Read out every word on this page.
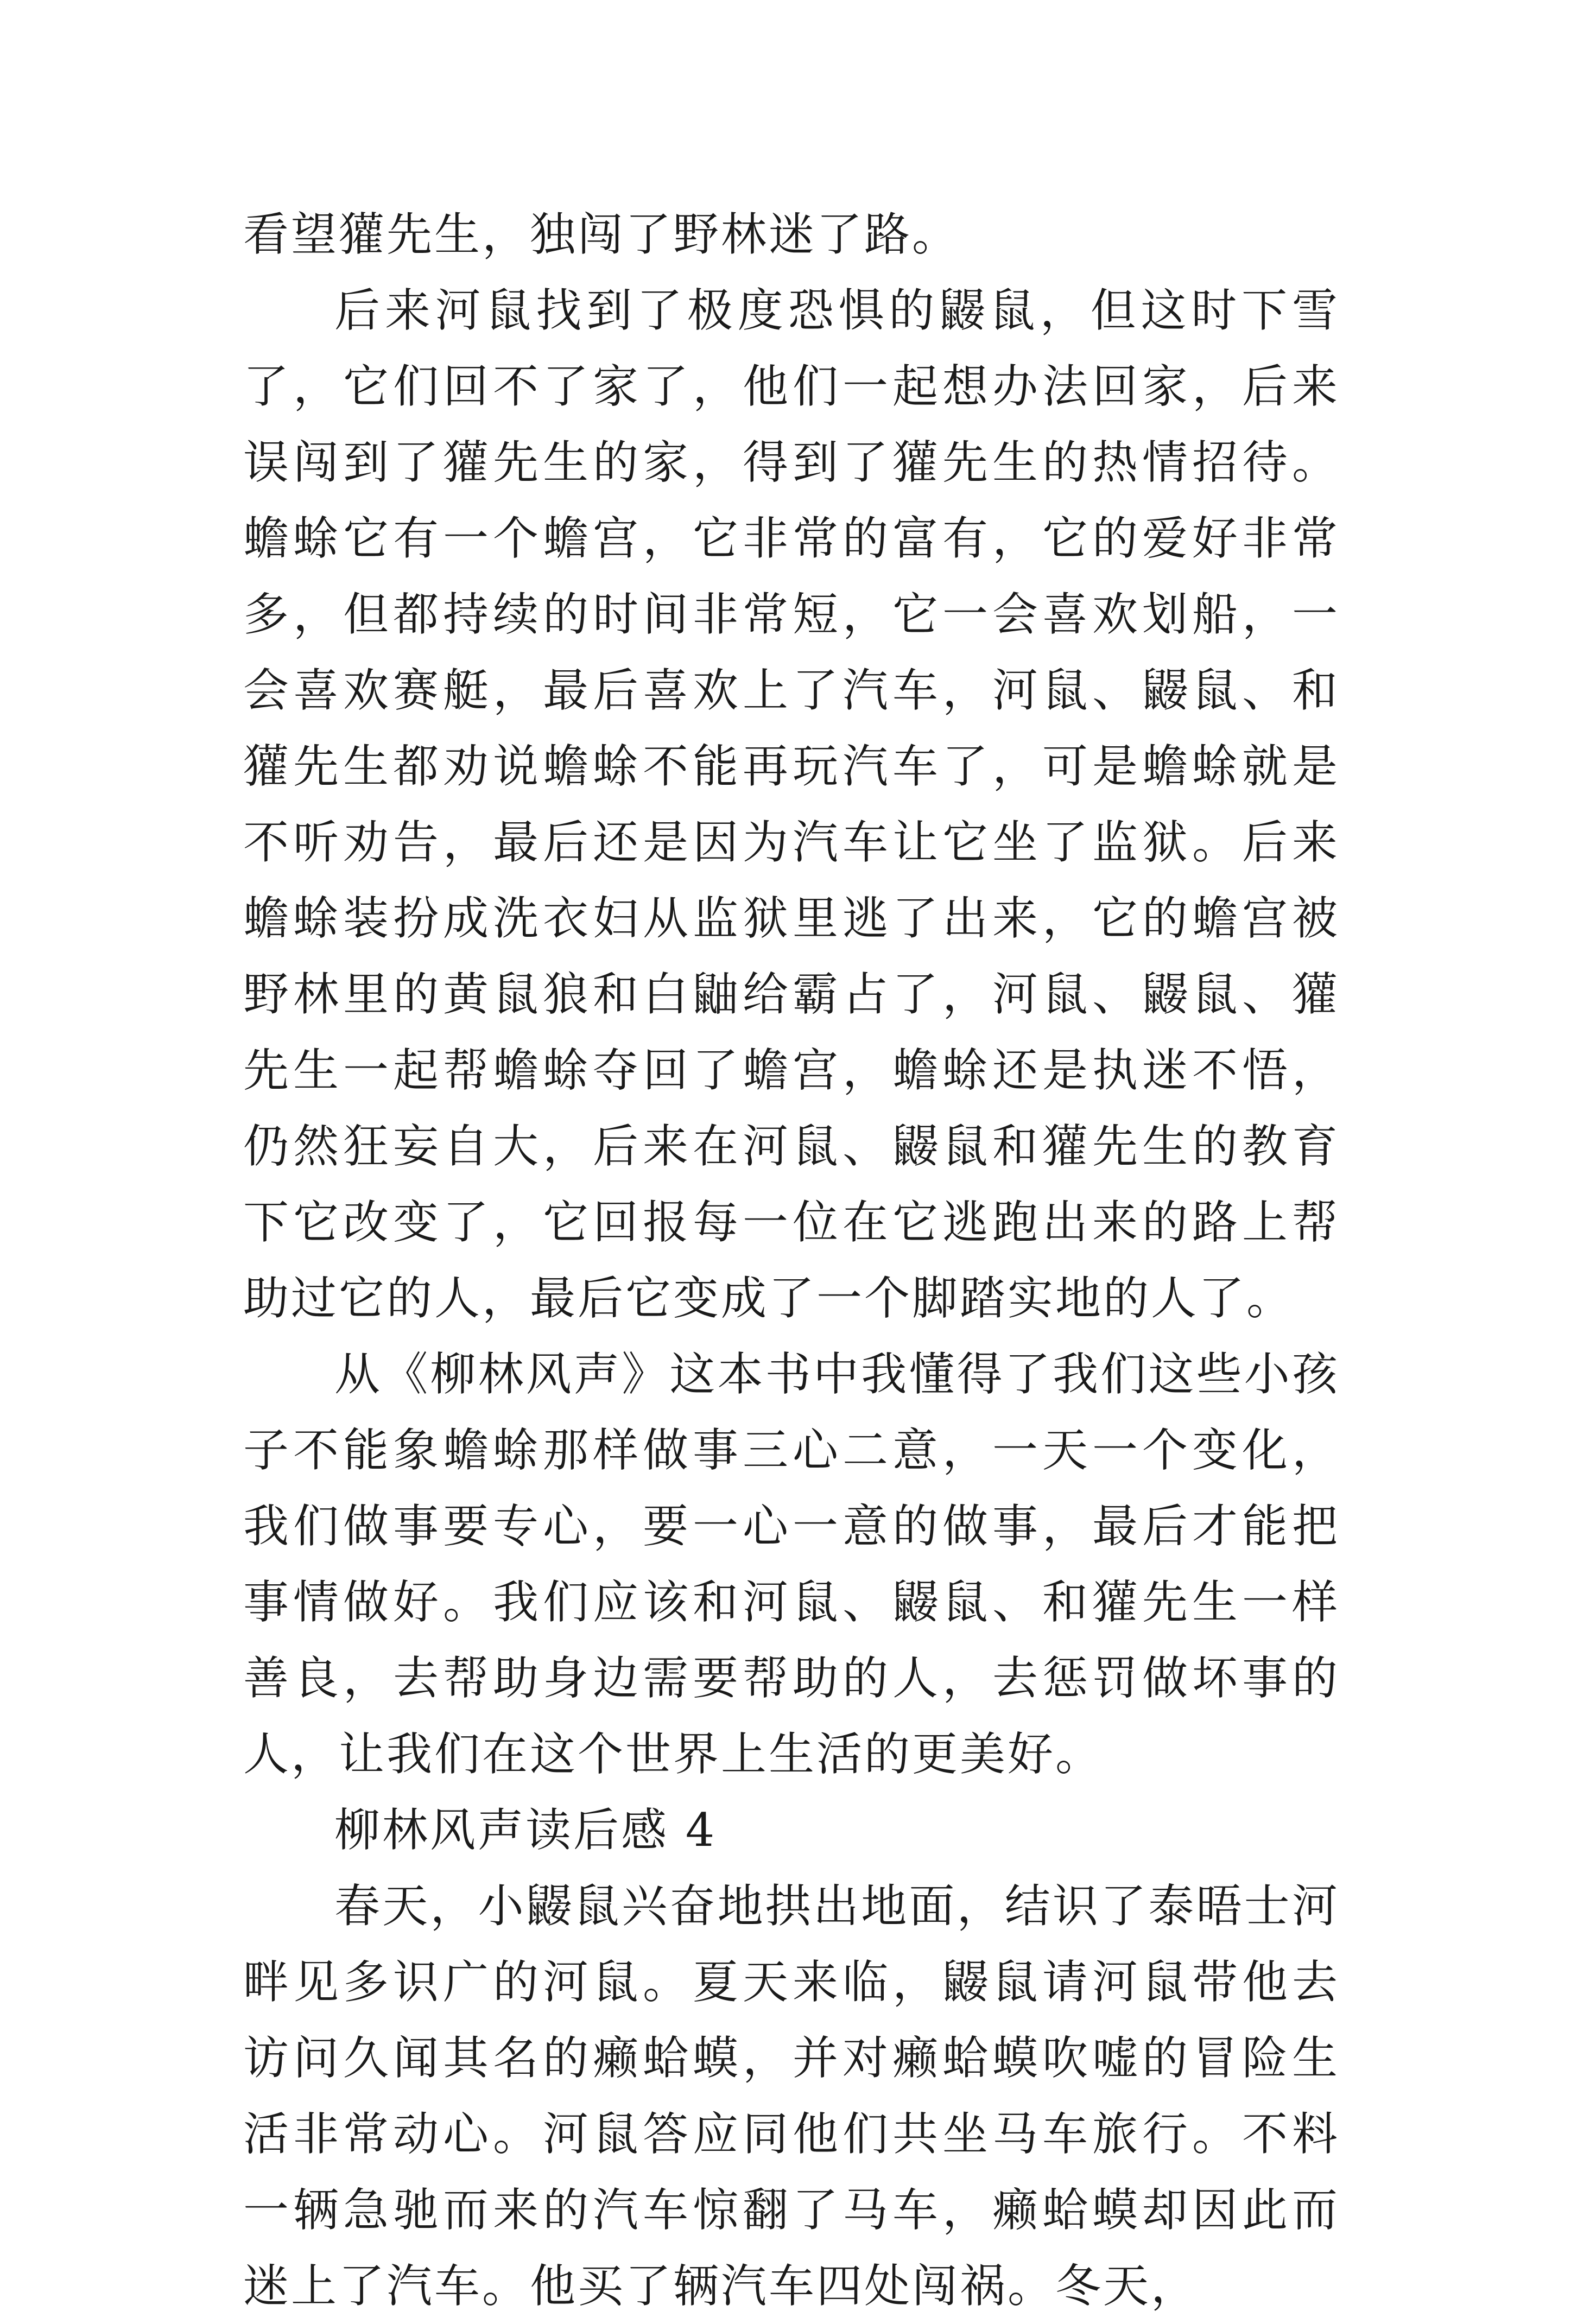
看望獾先生，独闯了野林迷了路。

后来河鼠找到了极度恐惧的鼹鼠，但这时下雪了，它们回不了家了，他们一起想办法回家，后来误闯到了獾先生的家，得到了獾先生的热情招待。蟾蜍它有一个蟾宫，它非常的富有，它的爱好非常多，但都持续的时间非常短，它一会喜欢划船，一会喜欢赛艇，最后喜欢上了汽车，河鼠、鼹鼠、和獾先生都劝说蟾蜍不能再玩汽车了，可是蟾蜍就是不听劝告，最后还是因为汽车让它坐了监狱。后来蟾蜍装扮成洗衣妇从监狱里逃了出来，它的蟾宫被野林里的黄鼠狼和白鼬给霸占了，河鼠、鼹鼠、獾先生一起帮蟾蜍夺回了蟾宫，蟾蜍还是执迷不悟，仍然狂妄自大，后来在河鼠、鼹鼠和獾先生的教育下它改变了，它回报每一位在它逃跑出来的路上帮助过它的人，最后它变成了一个脚踏实地的人了。

从《柳林风声》这本书中我懂得了我们这些小孩子不能象蟾蜍那样做事三心二意，一天一个变化，我们做事要专心，要一心一意的做事，最后才能把事情做好。我们应该和河鼠、鼹鼠、和獾先生一样善良，去帮助身边需要帮助的人，去惩罚做坏事的人，让我们在这个世界上生活的更美好。

柳林风声读后感 4

春天，小鼹鼠兴奋地拱出地面，结识了泰晤士河畔见多识广的河鼠。夏天来临，鼹鼠请河鼠带他去访问久闻其名的癞蛤蟆，并对癞蛤蟆吹嘘的冒险生活非常动心。河鼠答应同他们共坐马车旅行。不料一辆急驰而来的汽车惊翻了马车，癞蛤蟆却因此而迷上了汽车。他买了辆汽车四处闯祸。冬天，
